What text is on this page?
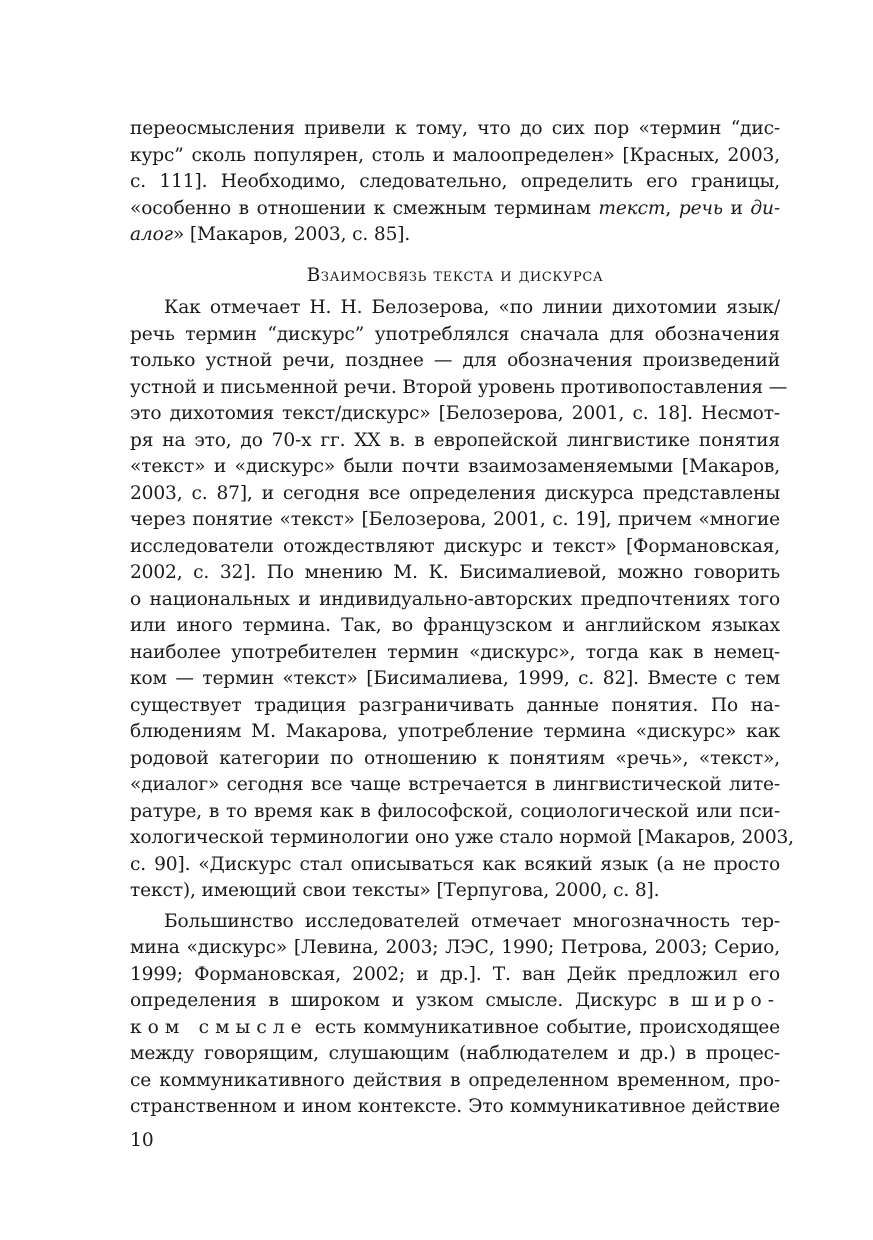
переосмысления привели к тому, что до сих пор «термин “дис-
курс” сколь популярен, столь и малоопределен» [Красных, 2003,
с. 111]. Необходимо, следовательно, определить его границы,
«особенно в отношении к смежным терминам текст, речь и ди-
алог» [Макаров, 2003, с. 85].
Взаимосвязь текста и дискурса
Как отмечает Н. Н. Белозерова, «по линии дихотомии язык/
речь термин “дискурс” употреблялся сначала для обозначения
только устной речи, позднее — для обозначения произведений
устной и письменной речи. Второй уровень противопоставления —
это дихотомия текст/дискурс» [Белозерова, 2001, с. 18]. Несмот-
ря на это, до 70-х гг. XX в. в европейской лингвистике понятия
«текст» и «дискурс» были почти взаимозаменяемыми [Макаров,
2003, с. 87], и сегодня все определения дискурса представлены
через понятие «текст» [Белозерова, 2001, с. 19], причем «многие
исследователи отождествляют дискурс и текст» [Формановская,
2002, с. 32]. По мнению М. К. Бисималиевой, можно говорить
о национальных и индивидуально-авторских предпочтениях того
или иного термина. Так, во французском и английском языках
наиболее употребителен термин «дискурс», тогда как в немец-
ком — термин «текст» [Бисималиева, 1999, с. 82]. Вместе с тем
существует традиция разграничивать данные понятия. По на-
блюдениям М. Макарова, употребление термина «дискурс» как
родовой категории по отношению к понятиям «речь», «текст»,
«диалог» сегодня все чаще встречается в лингвистической лите-
ратуре, в то время как в философской, социологической или пси-
хологической терминологии оно уже стало нормой [Макаров, 2003,
с. 90]. «Дискурс стал описываться как всякий язык (а не просто
текст), имеющий свои тексты» [Терпугова, 2000, с. 8].
Большинство исследователей отмечает многозначность тер-
мина «дискурс» [Левина, 2003; ЛЭС, 1990; Петрова, 2003; Серио,
1999; Формановская, 2002; и др.]. Т. ван Дейк предложил его
определения в широком и узком смысле. Дискурс в широ-
ком смысле есть коммуникативное событие, происходящее
между говорящим, слушающим (наблюдателем и др.) в процес-
се коммуникативного действия в определенном временном, про-
странственном и ином контексте. Это коммуникативное действие
10
